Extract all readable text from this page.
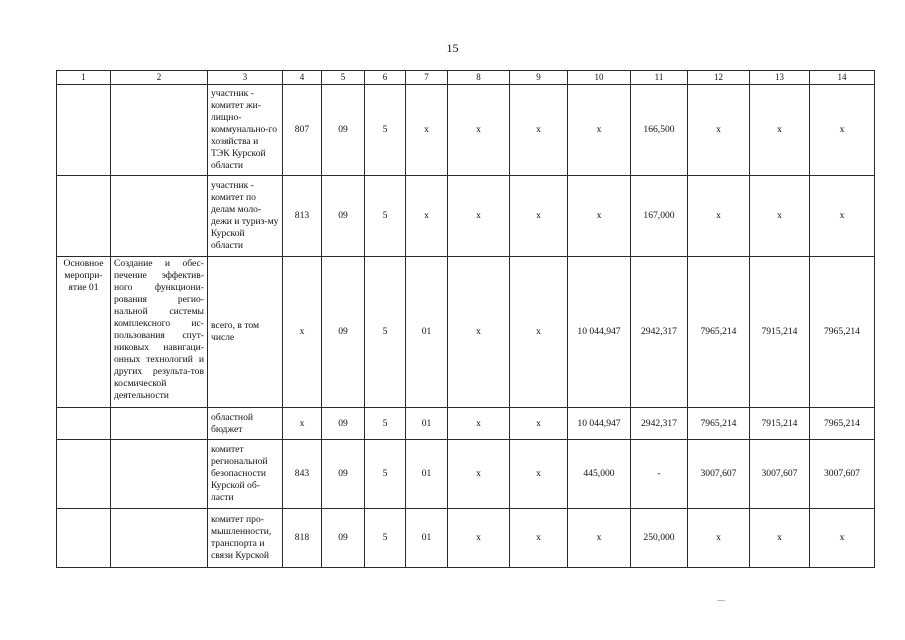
15
1	2	3	4	5	6	7	8	9	10	11	12	13	14
		участник - комитет жи-лищно-коммунально-го хозяйства и ТЭК Курской области	807	09	5	х	х	х	х	166,500	х	х	х
		участник - комитет по делам моло-дежи и туриз-му Курской области	813	09	5	х	х	х	х	167,000	х	х	х
Основное меропри-ятие 01	Создание и обес-печение эффектив-ного функциони-рования регио-нальной системы комплексного ис-пользования спут-никовых навигаци-онных технологий и других результа-тов космической деятельности	всего, в том числе	х	09	5	01	х	х	10 044,947	2942,317	7965,214	7915,214	7965,214
		областной бюджет	х	09	5	01	х	х	10 044,947	2942,317	7965,214	7915,214	7965,214
		комитет региональной безопасности Курской об-ласти	843	09	5	01	х	х	445,000	-	3007,607	3007,607	3007,607
		комитет про-мышленности, транспорта и связи Курской	818	09	5	01	х	х	х	250,000	х	х	х
